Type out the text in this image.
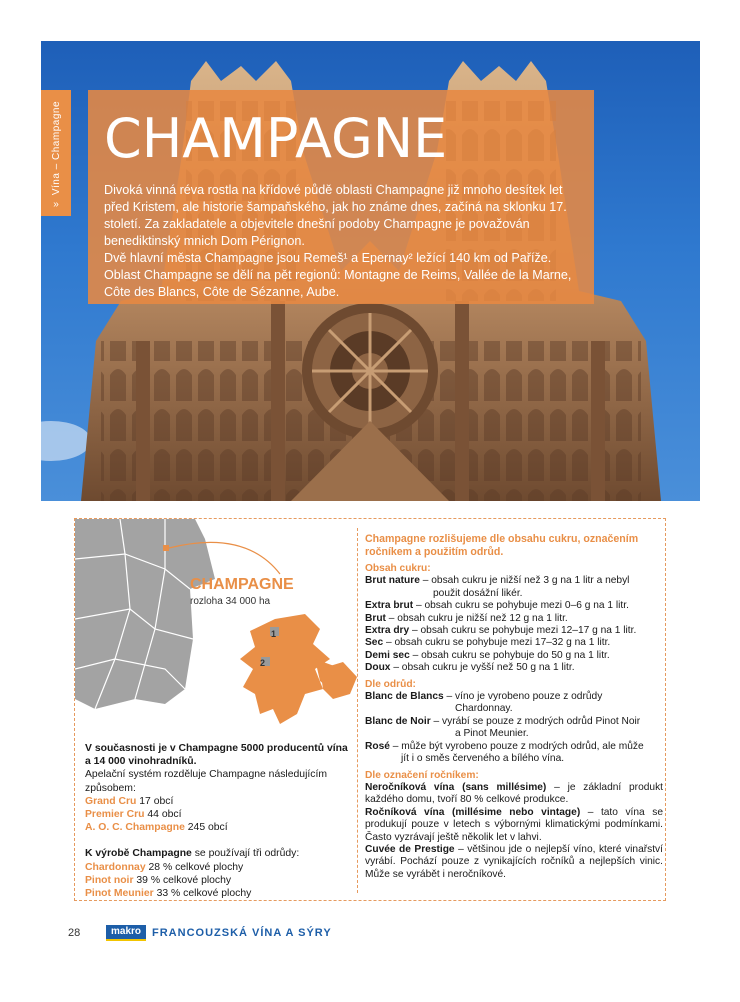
Vína – Champagne
»
CHAMPAGNE

Divoká vinná réva rostla na křídové půdě oblasti Champagne již mnoho desítek let před Kristem, ale historie šampaňského, jak ho známe dnes, začíná na sklonku 17. století. Za zakladatele a objevitele dnešní podoby Champagne je považován benediktinský mnich Dom Pérignon.

Dvě hlavní města Champagne jsou Remeš¹ a Epernay² ležící 140 km od Paříže.

Oblast Champagne se dělí na pět regionů: Montagne de Reims, Vallée de la Marne, Côte des Blancs, Côte de Sézanne, Aube.

1
2
CHAMPAGNE
rozloha 34 000 ha
V současnosti je v Champagne 5000 producentů vína a 14 000 vinohradníků.
Apelační systém rozděluje Champagne následujícím způsobem:
Grand Cru 17 obcí
Premier Cru 44 obcí
A. O. C. Champagne 245 obcí
K výrobě Champagne se používají tři odrůdy:
Chardonnay 28 % celkové plochy
Pinot noir 39 % celkové plochy
Pinot Meunier 33 % celkové plochy
Champagne rozlišujeme dle obsahu cukru, označením ročníkem a použitím odrůd.
Obsah cukru:
Brut nature – obsah cukru je nižší než 3 g na 1 litr a nebyl
použit dosážní likér.
Extra brut – obsah cukru se pohybuje mezi 0–6 g na 1 litr.
Brut – obsah cukru je nižší než 12 g na 1 litr.
Extra dry – obsah cukru se pohybuje mezi 12–17 g na 1 litr.
Sec – obsah cukru se pohybuje mezi 17–32 g na 1 litr.
Demi sec – obsah cukru se pohybuje do 50 g na 1 litr.
Doux – obsah cukru je vyšší než 50 g na 1 litr.
Dle odrůd:
Blanc de Blancs – víno je vyrobeno pouze z odrůdy
Chardonnay.
Blanc de Noir – vyrábí se pouze z modrých odrůd Pinot Noir
a Pinot Meunier.
Rosé – může být vyrobeno pouze z modrých odrůd, ale může
jít i o směs červeného a bílého vína.
Dle označení ročníkem:
Neročníková vína (sans millésime) – je základní produkt každého domu, tvoří 80 % celkové produkce.
Ročníková vína (millésime nebo vintage) – tato vína se produkují pouze v letech s výbornými klimatickými podmínkami. Často vyzrávají ještě několik let v lahvi.
Cuvée de Prestige – většinou jde o nejlepší víno, které vinařství vyrábí. Pochází pouze z vynikajících ročníků a nejlepších vinic. Může se vyrábět i neročníkové.
28	makro	FRANCOUZSKÁ VÍNA A SÝRY
